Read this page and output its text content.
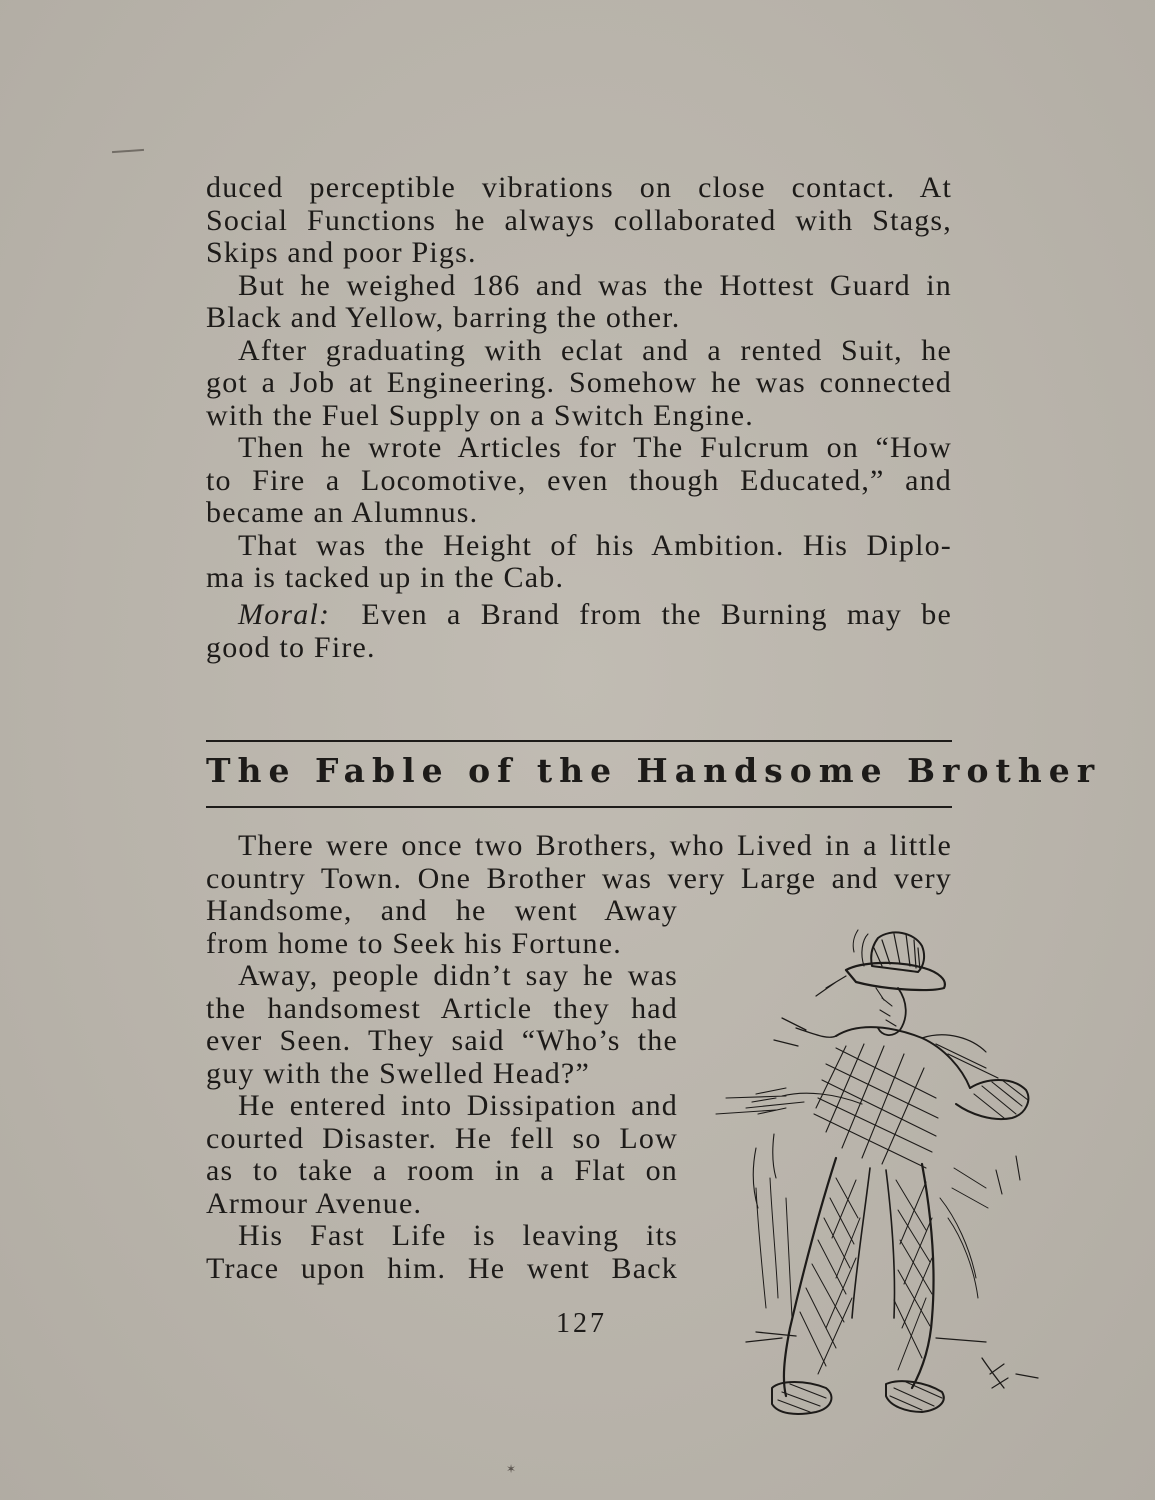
duced perceptible vibrations on close contact. At
Social Functions he always collaborated with Stags,
Skips and poor Pigs.
But he weighed 186 and was the Hottest Guard in
Black and Yellow, barring the other.
After graduating with eclat and a rented Suit, he
got a Job at Engineering. Somehow he was connected
with the Fuel Supply on a Switch Engine.
Then he wrote Articles for The Fulcrum on “How
to Fire a Locomotive, even though Educated,” and
became an Alumnus.
That was the Height of his Ambition. His Diplo-
ma is tacked up in the Cab.
Moral:  Even a Brand from the Burning may be
good to Fire.
The Fable of the Handsome Brother
There were once two Brothers, who Lived in a little
country Town. One Brother was very Large and very
Handsome, and he went Away
from home to Seek his Fortune.
Away, people didn’t say he was
the handsomest Article they had
ever Seen. They said “Who’s the
guy with the Swelled Head?”
He entered into Dissipation and
courted Disaster. He fell so Low
as to take a room in a Flat on
Armour Avenue.
His Fast Life is leaving its
Trace upon him. He went Back
127
✶
